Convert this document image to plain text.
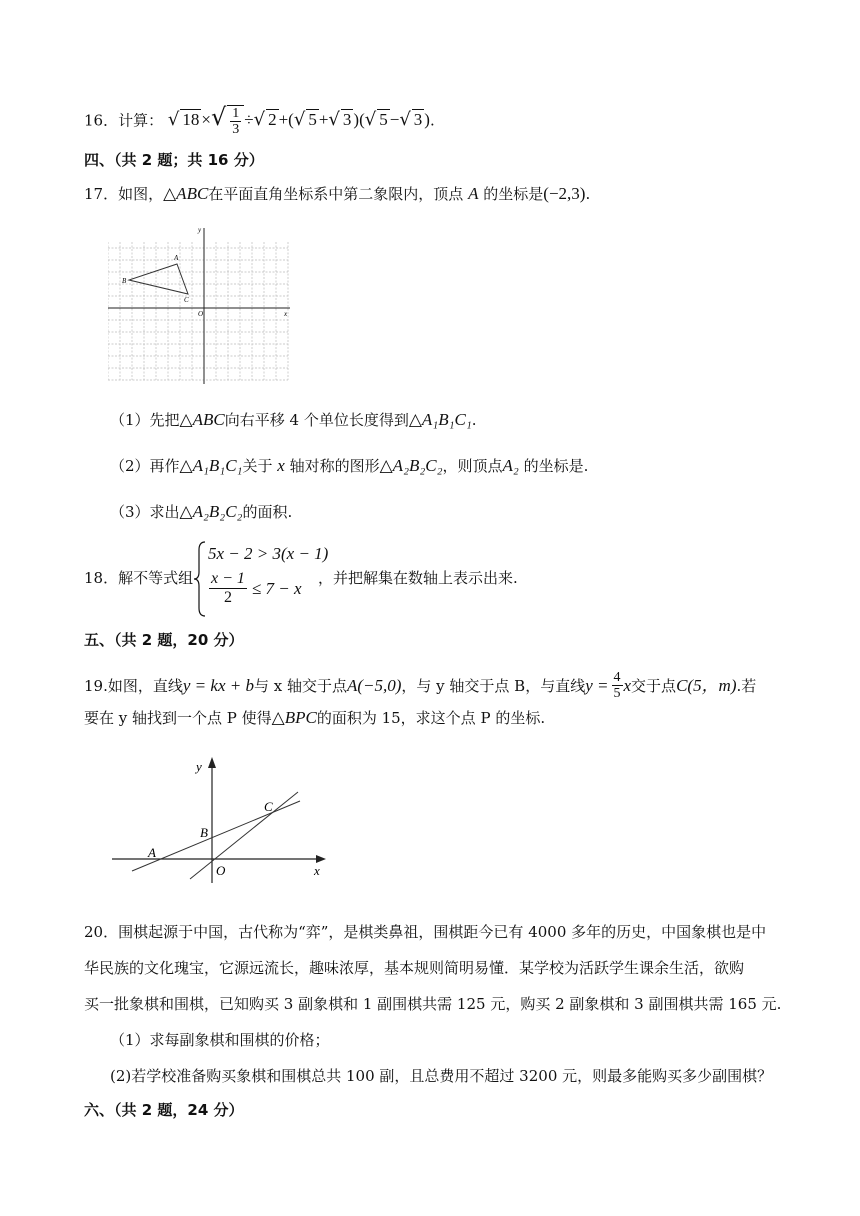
16．计算： √ 18 ×√ $\frac{1}{3}$ ÷√ 2 +(√ 5 +√ 3 )(√ 5 −√ 3 ).
四、（共 2 题；共 16 分）
17．如图，△ABC在平面直角坐标系中第二象限内，顶点 A 的坐标是(−2,3).
A
B
C
O	x
y
（1）先把△ABC向右平移 4 个单位长度得到△A₁B₁C₁.
（2）再作△A₁B₁C₁关于 x 轴对称的图形△A₂B₂C₂，则顶点A₂ 的坐标是.
（3）求出△A₂B₂C₂的面积.
18．解不等式组
5x − 2 > 3(x − 1)
$\frac{x - 1}{2} \le 7 - x$
，并把解集在数轴上表示出来.
五、（共 2 题，20 分）
19. 如图，直线 y = kx + b 与 x 轴交于点 A(−5,0) ，与 y 轴交于点 B，与直线 $y = \frac{4}{5}$ x 交于点 C(5，m) .若
要在 y 轴找到一个点 P 使得△BPC的面积为 15，求这个点 P 的坐标.
A
B
C
O	x
y
20．围棋起源于中国，古代称为“弈”，是棋类鼻祖，围棋距今已有 4000 多年的历史，中国象棋也是中
华民族的文化瑰宝，它源远流长，趣味浓厚，基本规则简明易懂．某学校为活跃学生课余生活，欲购
买一批象棋和围棋，已知购买 3 副象棋和 1 副围棋共需 125 元，购买 2 副象棋和 3 副围棋共需 165 元.
（1）求每副象棋和围棋的价格；
(2)若学校准备购买象棋和围棋总共 100 副，且总费用不超过 3200 元，则最多能购买多少副围棋？
六、（共 2 题，24 分）
